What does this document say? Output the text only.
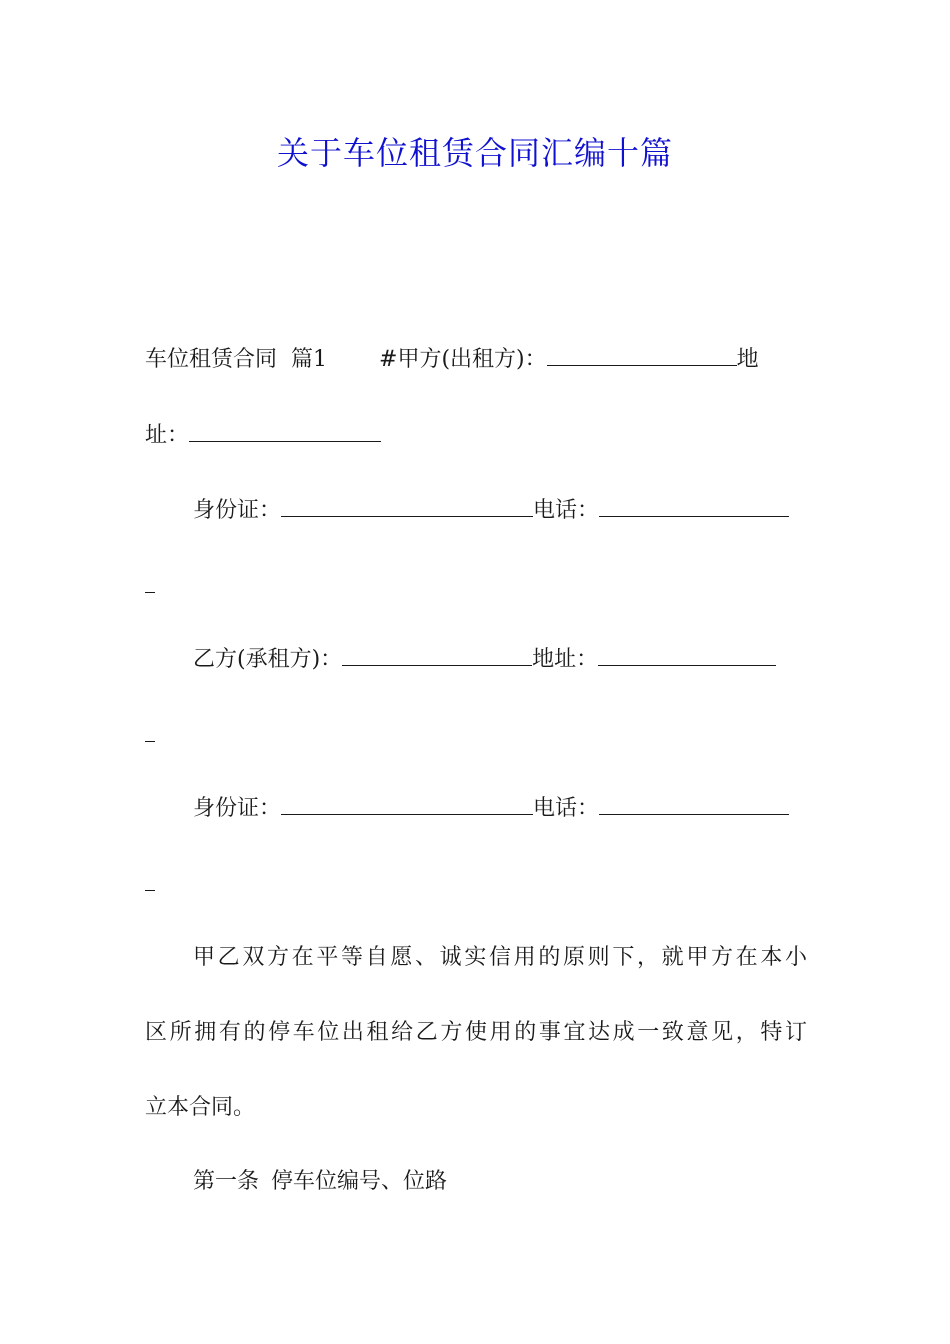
关于车位租赁合同汇编十篇
车位租赁合同 篇1 #甲方(出租方)：	地
址：
身份证：	电话：
乙方(承租方)：	地址：
身份证：	电话：
甲乙双方在平等自愿、诚实信用的原则下，就甲方在本小
区所拥有的停车位出租给乙方使用的事宜达成一致意见，特订
立本合同。
第一条 停车位编号、位路
